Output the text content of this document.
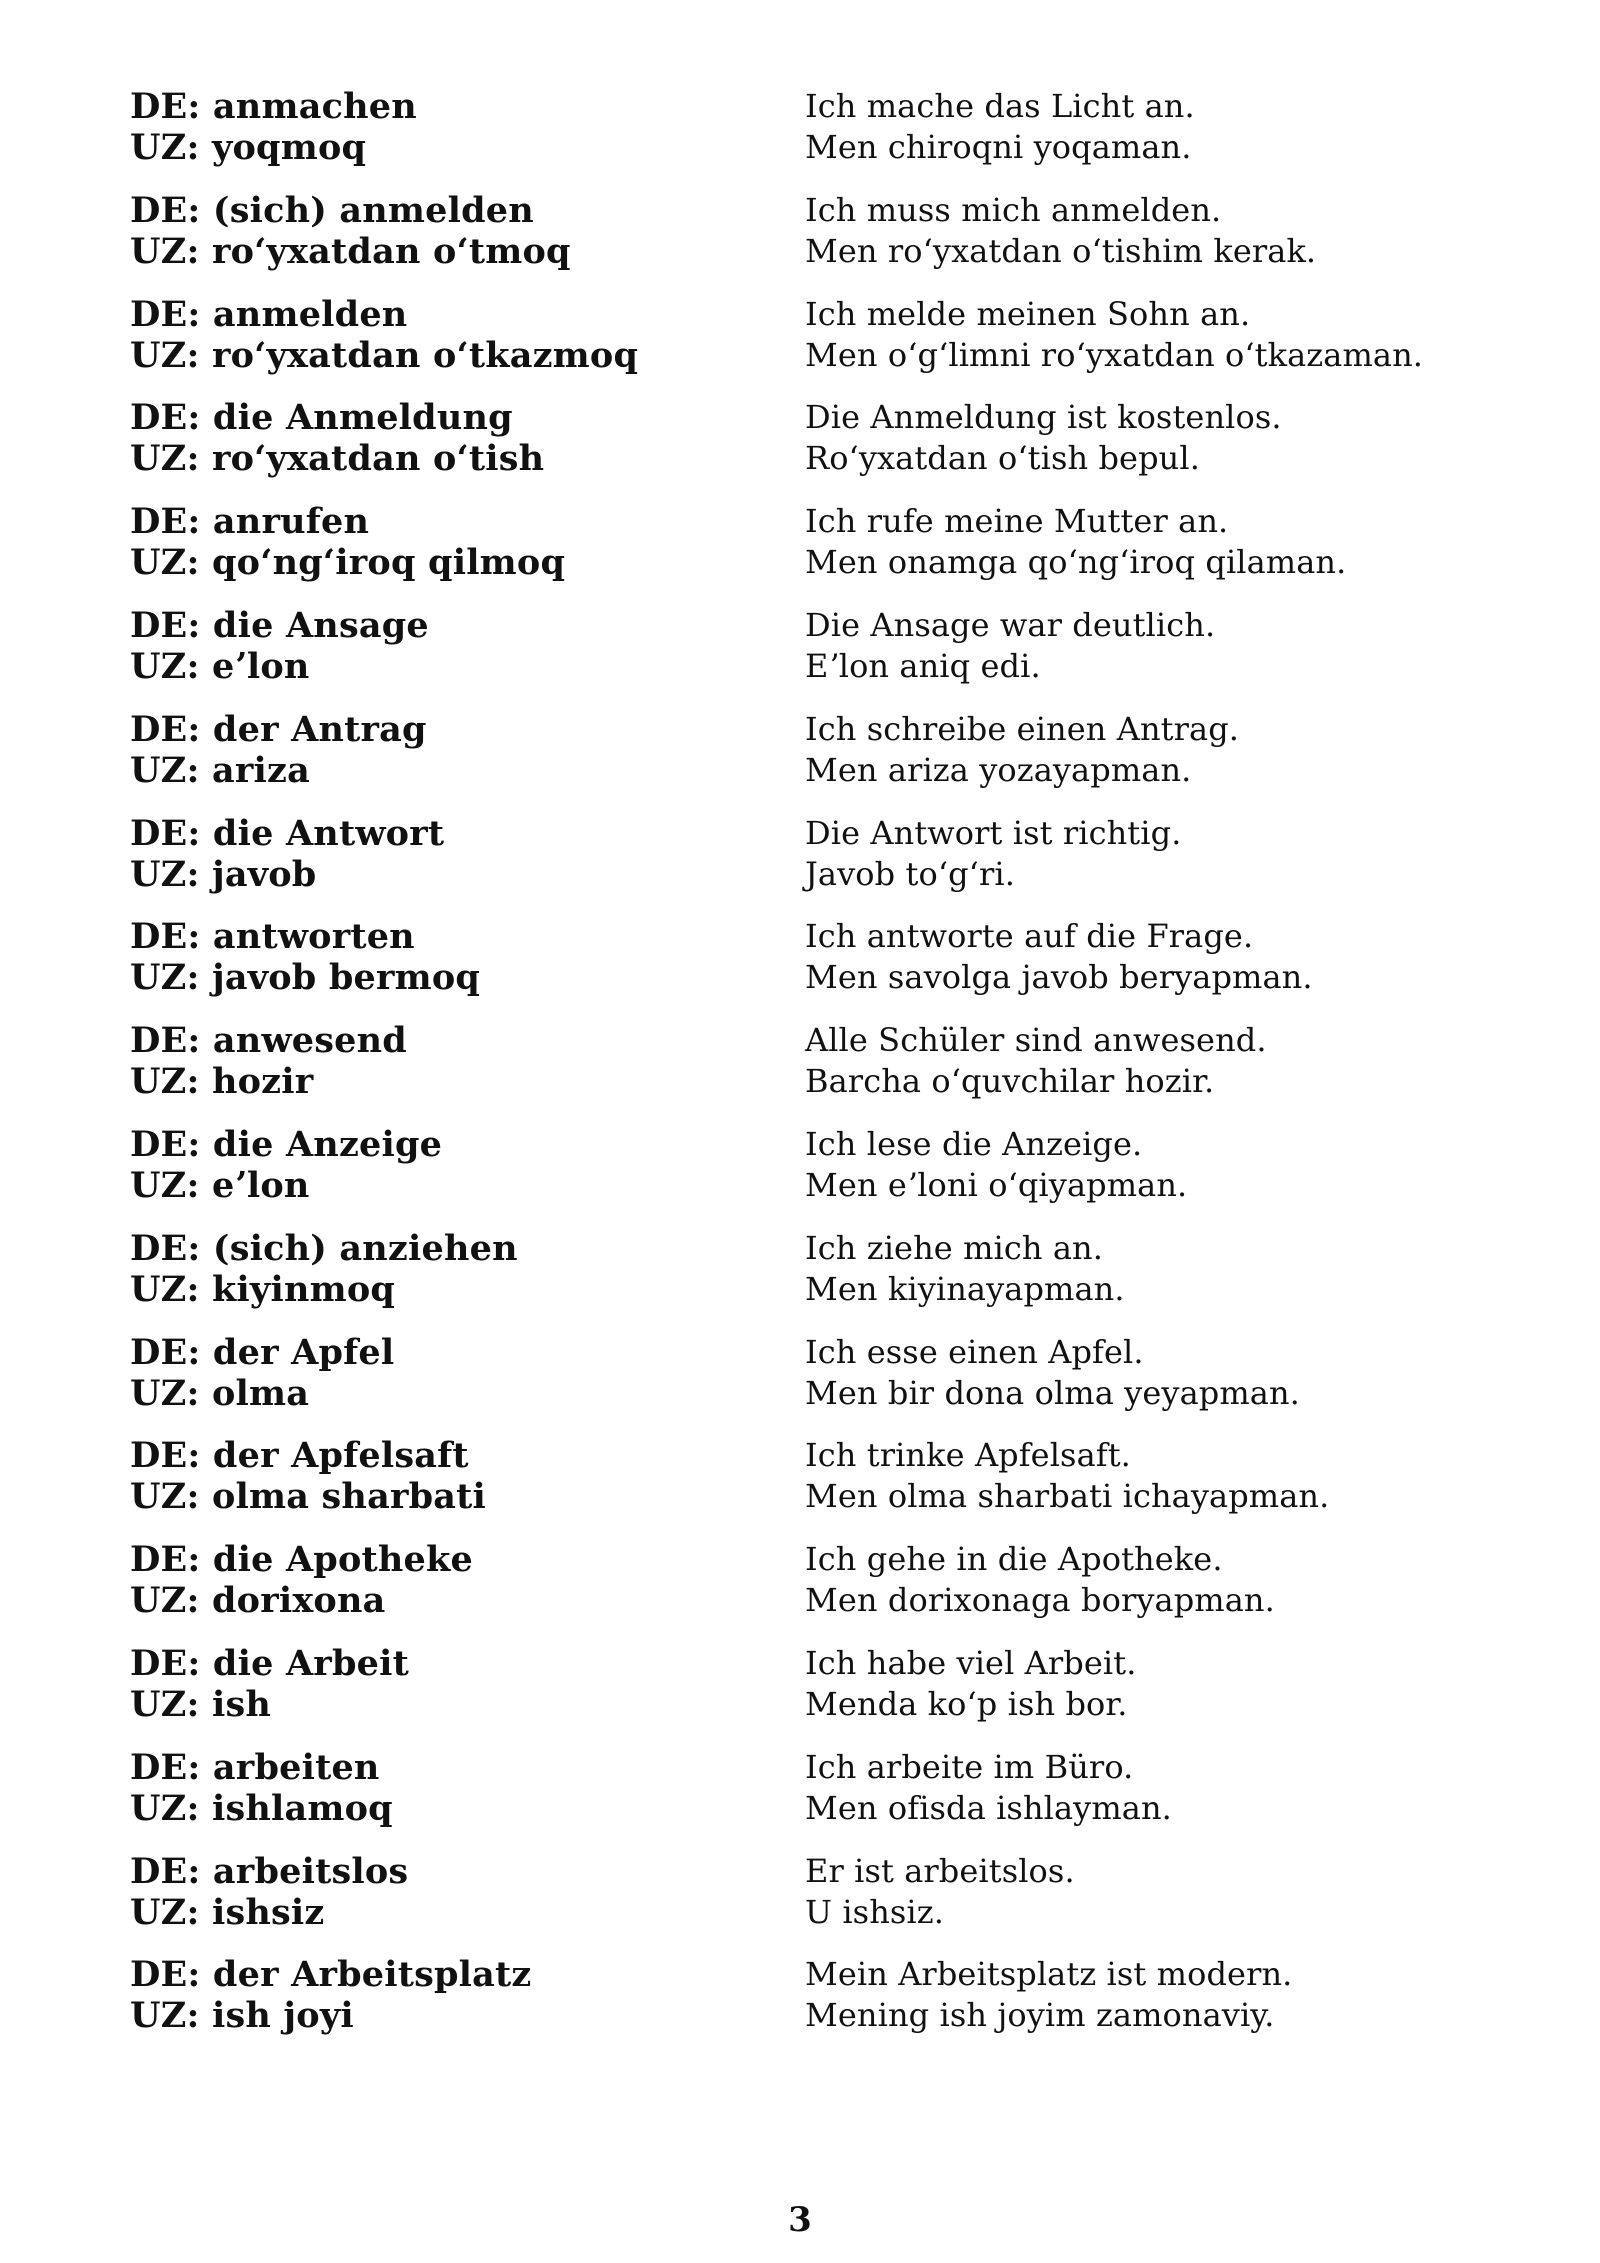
DE: anmachen
UZ: yoqmoq
Ich mache das Licht an.
Men chiroqni yoqaman.
DE: (sich) anmelden
UZ: roʻyxatdan oʻtmoq
Ich muss mich anmelden.
Men roʻyxatdan oʻtishim kerak.
DE: anmelden
UZ: roʻyxatdan oʻtkazmoq
Ich melde meinen Sohn an.
Men oʻgʻlimni roʻyxatdan oʻtkazaman.
DE: die Anmeldung
UZ: roʻyxatdan oʻtish
Die Anmeldung ist kostenlos.
Roʻyxatdan oʻtish bepul.
DE: anrufen
UZ: qoʻngʻiroq qilmoq
Ich rufe meine Mutter an.
Men onamga qoʻngʻiroq qilaman.
DE: die Ansage
UZ: eʼlon
Die Ansage war deutlich.
Eʼlon aniq edi.
DE: der Antrag
UZ: ariza
Ich schreibe einen Antrag.
Men ariza yozayapman.
DE: die Antwort
UZ: javob
Die Antwort ist richtig.
Javob toʻgʻri.
DE: antworten
UZ: javob bermoq
Ich antworte auf die Frage.
Men savolga javob beryapman.
DE: anwesend
UZ: hozir
Alle Schüler sind anwesend.
Barcha oʻquvchilar hozir.
DE: die Anzeige
UZ: eʼlon
Ich lese die Anzeige.
Men eʼloni oʻqiyapman.
DE: (sich) anziehen
UZ: kiyinmoq
Ich ziehe mich an.
Men kiyinayapman.
DE: der Apfel
UZ: olma
Ich esse einen Apfel.
Men bir dona olma yeyapman.
DE: der Apfelsaft
UZ: olma sharbati
Ich trinke Apfelsaft.
Men olma sharbati ichayapman.
DE: die Apotheke
UZ: dorixona
Ich gehe in die Apotheke.
Men dorixonaga boryapman.
DE: die Arbeit
UZ: ish
Ich habe viel Arbeit.
Menda koʻp ish bor.
DE: arbeiten
UZ: ishlamoq
Ich arbeite im Büro.
Men ofisda ishlayman.
DE: arbeitslos
UZ: ishsiz
Er ist arbeitslos.
U ishsiz.
DE: der Arbeitsplatz
UZ: ish joyi
Mein Arbeitsplatz ist modern.
Mening ish joyim zamonaviy.
3
